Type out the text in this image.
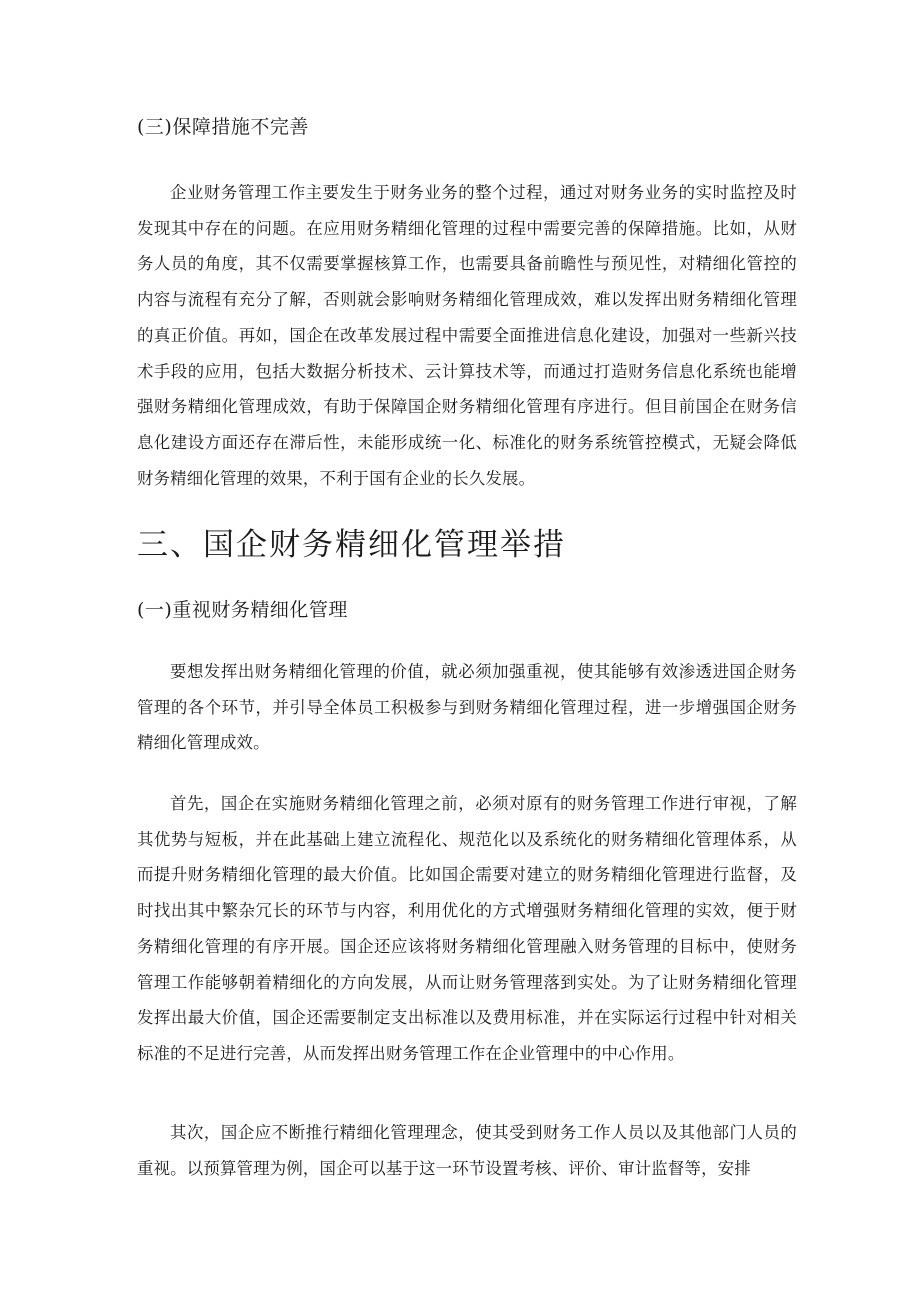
(三)保障措施不完善

企业财务管理工作主要发生于财务业务的整个过程，通过对财务业务的实时监控及时发现其中存在的问题。在应用财务精细化管理的过程中需要完善的保障措施。比如，从财务人员的角度，其不仅需要掌握核算工作，也需要具备前瞻性与预见性，对精细化管控的内容与流程有充分了解，否则就会影响财务精细化管理成效，难以发挥出财务精细化管理的真正价值。再如，国企在改革发展过程中需要全面推进信息化建设，加强对一些新兴技术手段的应用，包括大数据分析技术、云计算技术等，而通过打造财务信息化系统也能增强财务精细化管理成效，有助于保障国企财务精细化管理有序进行。但目前国企在财务信息化建设方面还存在滞后性，未能形成统一化、标准化的财务系统管控模式，无疑会降低财务精细化管理的效果，不利于国有企业的长久发展。

三、国企财务精细化管理举措
(一)重视财务精细化管理

要想发挥出财务精细化管理的价值，就必须加强重视，使其能够有效渗透进国企财务管理的各个环节，并引导全体员工积极参与到财务精细化管理过程，进一步增强国企财务精细化管理成效。

首先，国企在实施财务精细化管理之前，必须对原有的财务管理工作进行审视，了解其优势与短板，并在此基础上建立流程化、规范化以及系统化的财务精细化管理体系，从而提升财务精细化管理的最大价值。比如国企需要对建立的财务精细化管理进行监督，及时找出其中繁杂冗长的环节与内容，利用优化的方式增强财务精细化管理的实效，便于财务精细化管理的有序开展。国企还应该将财务精细化管理融入财务管理的目标中，使财务管理工作能够朝着精细化的方向发展，从而让财务管理落到实处。为了让财务精细化管理发挥出最大价值，国企还需要制定支出标准以及费用标准，并在实际运行过程中针对相关标准的不足进行完善，从而发挥出财务管理工作在企业管理中的中心作用。

其次，国企应不断推行精细化管理理念，使其受到财务工作人员以及其他部门人员的重视。以预算管理为例，国企可以基于这一环节设置考核、评价、审计监督等，安排
